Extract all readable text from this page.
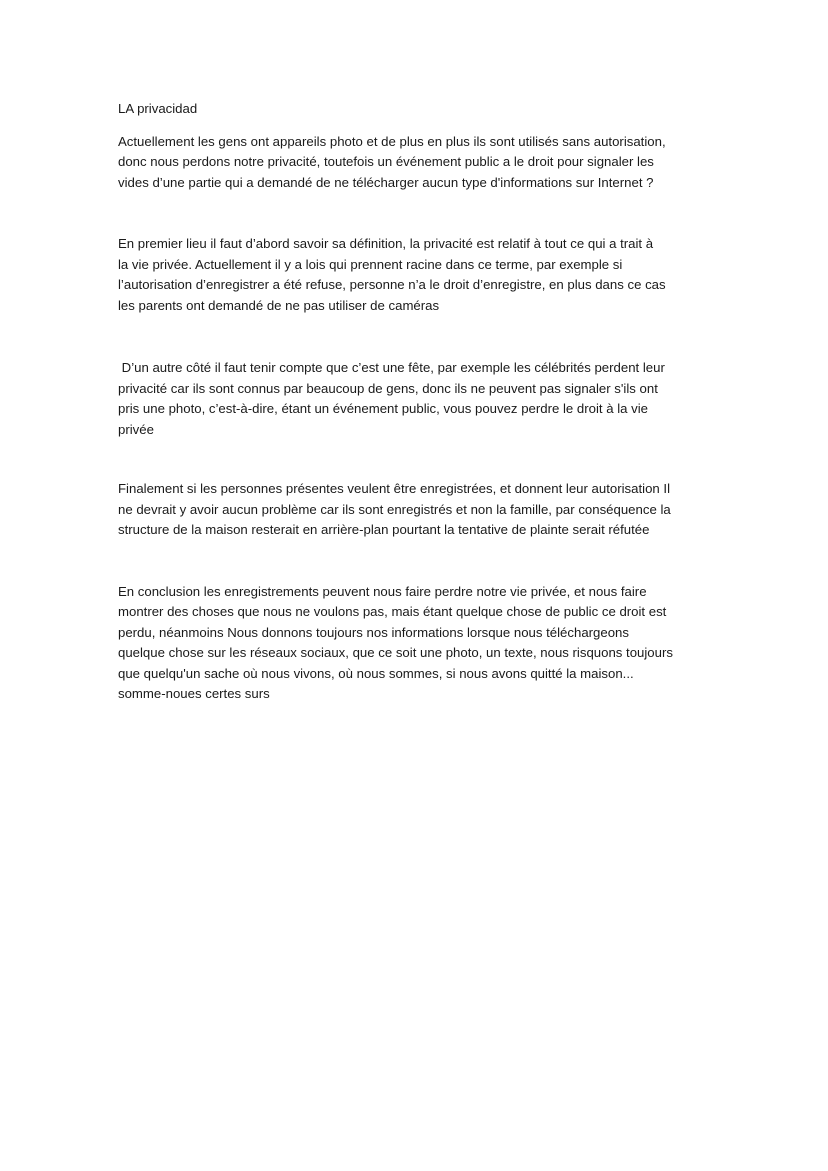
LA privacidad

Actuellement les gens ont appareils photo et de plus en plus ils sont utilisés sans autorisation,
donc nous perdons notre privacité, toutefois un événement public a le droit pour signaler les
vides d’une partie qui a demandé de ne télécharger aucun type d'informations sur Internet ?

En premier lieu il faut d’abord savoir sa définition, la privacité est relatif à tout ce qui a trait à
la vie privée. Actuellement il y a lois qui prennent racine dans ce terme, par exemple si
l’autorisation d’enregistrer a été refuse, personne n’a le droit d’enregistre, en plus dans ce cas
les parents ont demandé de ne pas utiliser de caméras

D’un autre côté il faut tenir compte que c’est une fête, par exemple les célébrités perdent leur
privacité car ils sont connus par beaucoup de gens, donc ils ne peuvent pas signaler s'ils ont
pris une photo, c’est-à-dire, étant un événement public, vous pouvez perdre le droit à la vie
privée

Finalement si les personnes présentes veulent être enregistrées, et donnent leur autorisation Il
ne devrait y avoir aucun problème car ils sont enregistrés et non la famille, par conséquence la
structure de la maison resterait en arrière-plan pourtant la tentative de plainte serait réfutée

En conclusion les enregistrements peuvent nous faire perdre notre vie privée, et nous faire
montrer des choses que nous ne voulons pas, mais étant quelque chose de public ce droit est
perdu, néanmoins Nous donnons toujours nos informations lorsque nous téléchargeons
quelque chose sur les réseaux sociaux, que ce soit une photo, un texte, nous risquons toujours
que quelqu'un sache où nous vivons, où nous sommes, si nous avons quitté la maison...
somme-noues certes surs
